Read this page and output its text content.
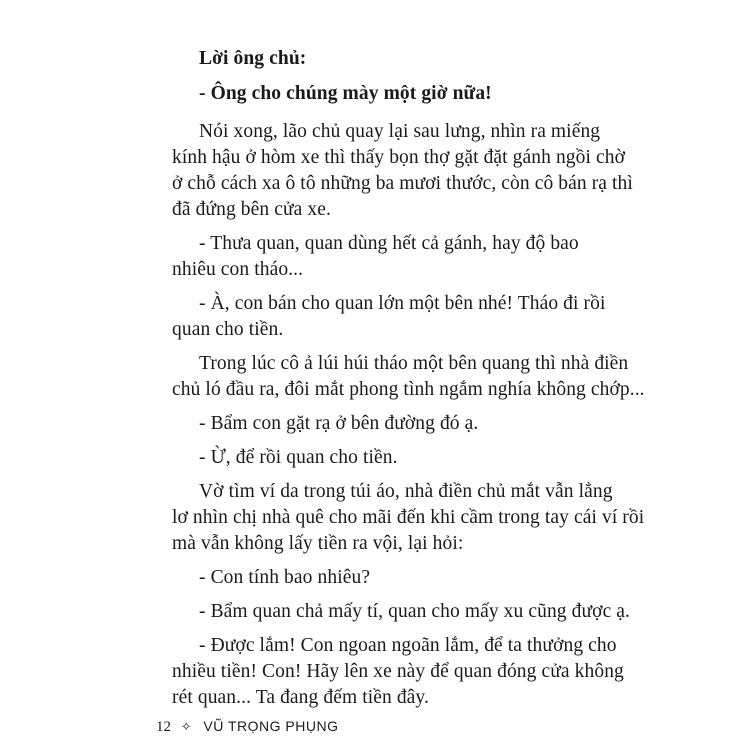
Lời ông chủ:
- Ông cho chúng mày một giờ nữa!
Nói xong, lão chủ quay lại sau lưng, nhìn ra miếng
kính hậu ở hòm xe thì thấy bọn thợ gặt đặt gánh ngồi chờ
ở chỗ cách xa ô tô những ba mươi thước, còn cô bán rạ thì
đã đứng bên cửa xe.
- Thưa quan, quan dùng hết cả gánh, hay độ bao
nhiêu con tháo...
- À, con bán cho quan lớn một bên nhé! Tháo đi rồi
quan cho tiền.
Trong lúc cô ả lúi húi tháo một bên quang thì nhà điền
chủ ló đầu ra, đôi mắt phong tình ngắm nghía không chớp...
- Bẩm con gặt rạ ở bên đường đó ạ.
- Ừ, để rồi quan cho tiền.
Vờ tìm ví da trong túi áo, nhà điền chủ mắt vẫn lẳng
lơ nhìn chị nhà quê cho mãi đến khi cầm trong tay cái ví rồi
mà vẫn không lấy tiền ra vội, lại hỏi:
- Con tính bao nhiêu?
- Bẩm quan chả mấy tí, quan cho mấy xu cũng được ạ.
- Được lắm! Con ngoan ngoãn lắm, để ta thưởng cho
nhiều tiền! Con! Hãy lên xe này để quan đóng cửa không
rét quan... Ta đang đếm tiền đây.
12 ✧ VŨ TRỌNG PHỤNG
